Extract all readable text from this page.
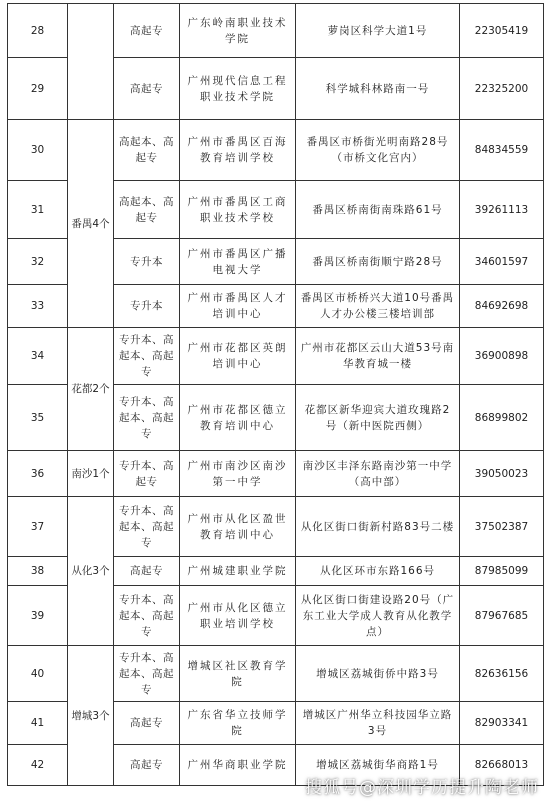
28		高起专	广东岭南职业技术学院	萝岗区科学大道1号	22305419
29		高起专	广州现代信息工程职业技术学院	科学城科林路南一号	22325200
30	番禺4个	高起本、高起专	广州市番禺区百海教育培训学校	番禺区市桥街光明南路28号（市桥文化宫内）	84834559
31		高起本、高起专	广州市番禺区工商职业技术学校	番禺区桥南街南珠路61号	39261113
32		专升本	广州市番禺区广播电视大学	番禺区桥南街顺宁路28号	34601597
33		专升本	广州市番禺区人才培训中心	番禺区市桥桥兴大道10号番禺人才办公楼三楼培训部	84692698
34	花都2个	专升本、高起本、高起专	广州市花都区英朗培训中心	广州市花都区云山大道53号南华教育城一楼	36900898
35		专升本、高起本、高起专	广州市花都区德立教育培训中心	花都区新华迎宾大道玫瑰路2号（新中医院西侧）	86899802
36	南沙1个	专升本、高起专	广州市南沙区南沙第一中学	南沙区丰泽东路南沙第一中学（高中部）	39050023
37	从化3个	专升本、高起本、高起专	广州市从化区盈世教育培训中心	从化区街口街新村路83号二楼	37502387
38		高起专	广州城建职业学院	从化区环市东路166号	87985099
39		专升本、高起本、高起专	广州市从化区德立职业培训学校	从化区街口街建设路20号（广东工业大学成人教育从化教学点）	87967685
40	增城3个	专升本、高起本、高起专	增城区社区教育学院	增城区荔城街侨中路3号	82636156
41		高起专	广东省华立技师学院	增城区广州华立科技园华立路3号	82903341
42		高起专	广州华商职业学院	增城区荔城街华商路1号	82668013
搜狐号@深圳学历提升陶老师
